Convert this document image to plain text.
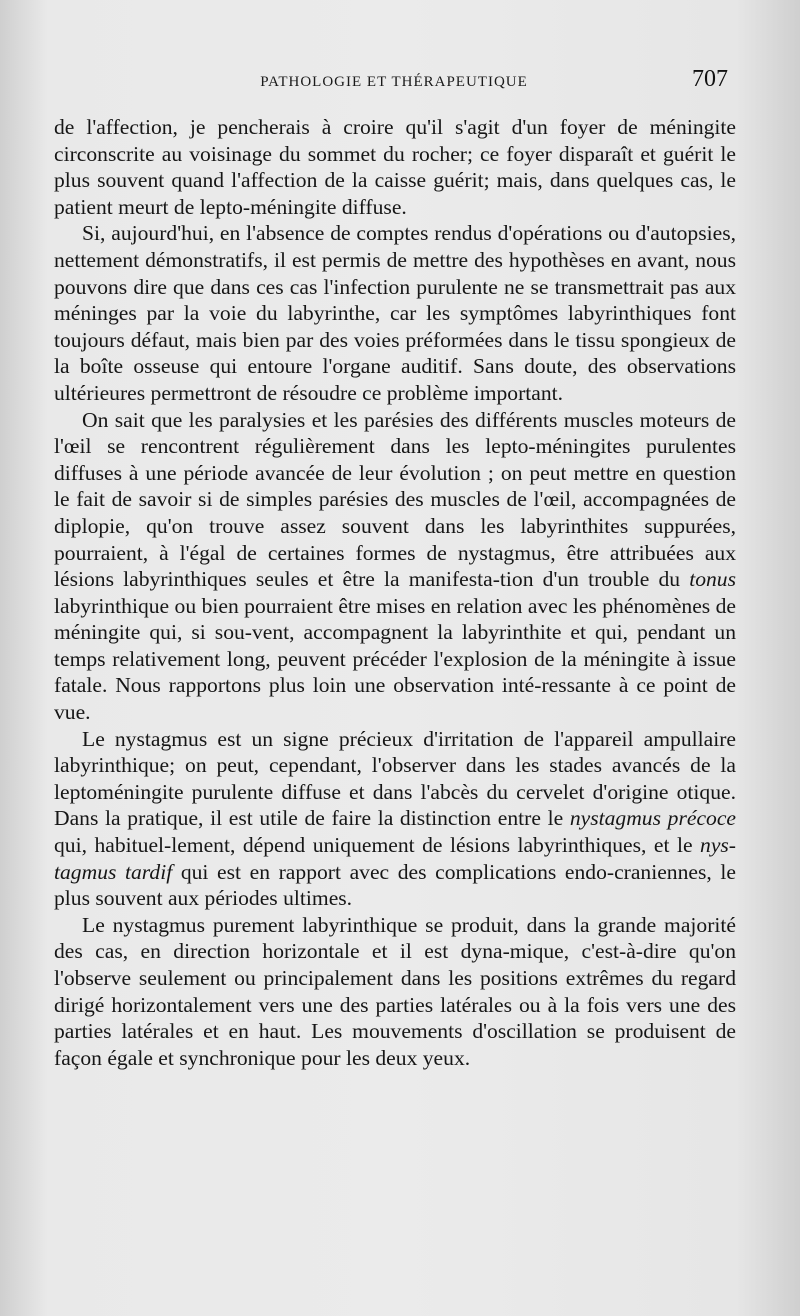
PATHOLOGIE ET THÉRAPEUTIQUE	707

de l'affection, je pencherais à croire qu'il s'agit d'un foyer de méningite circonscrite au voisinage du sommet du rocher; ce foyer disparaît et guérit le plus souvent quand l'affection de la caisse guérit; mais, dans quelques cas, le patient meurt de lepto-méningite diffuse.

Si, aujourd'hui, en l'absence de comptes rendus d'opérations ou d'autopsies, nettement démonstratifs, il est permis de mettre des hypothèses en avant, nous pouvons dire que dans ces cas l'infection purulente ne se transmettrait pas aux méninges par la voie du labyrinthe, car les symptômes labyrinthiques font toujours défaut, mais bien par des voies préformées dans le tissu spongieux de la boîte osseuse qui entoure l'organe auditif. Sans doute, des observations ultérieures permettront de résoudre ce problème important.

On sait que les paralysies et les parésies des différents muscles moteurs de l'œil se rencontrent régulièrement dans les lepto-méningites purulentes diffuses à une période avancée de leur évolution ; on peut mettre en question le fait de savoir si de simples parésies des muscles de l'œil, accompagnées de diplopie, qu'on trouve assez souvent dans les labyrinthites suppurées, pourraient, à l'égal de certaines formes de nystagmus, être attribuées aux lésions labyrinthiques seules et être la manifesta-tion d'un trouble du tonus labyrinthique ou bien pourraient être mises en relation avec les phénomènes de méningite qui, si sou-vent, accompagnent la labyrinthite et qui, pendant un temps relativement long, peuvent précéder l'explosion de la méningite à issue fatale. Nous rapportons plus loin une observation inté-ressante à ce point de vue.

Le nystagmus est un signe précieux d'irritation de l'appareil ampullaire labyrinthique; on peut, cependant, l'observer dans les stades avancés de la leptoméningite purulente diffuse et dans l'abcès du cervelet d'origine otique. Dans la pratique, il est utile de faire la distinction entre le nystagmus précoce qui, habituel-lement, dépend uniquement de lésions labyrinthiques, et le nys-tagmus tardif qui est en rapport avec des complications endo-craniennes, le plus souvent aux périodes ultimes.

Le nystagmus purement labyrinthique se produit, dans la grande majorité des cas, en direction horizontale et il est dyna-mique, c'est-à-dire qu'on l'observe seulement ou principalement dans les positions extrêmes du regard dirigé horizontalement vers une des parties latérales ou à la fois vers une des parties latérales et en haut. Les mouvements d'oscillation se produisent de façon égale et synchronique pour les deux yeux.
